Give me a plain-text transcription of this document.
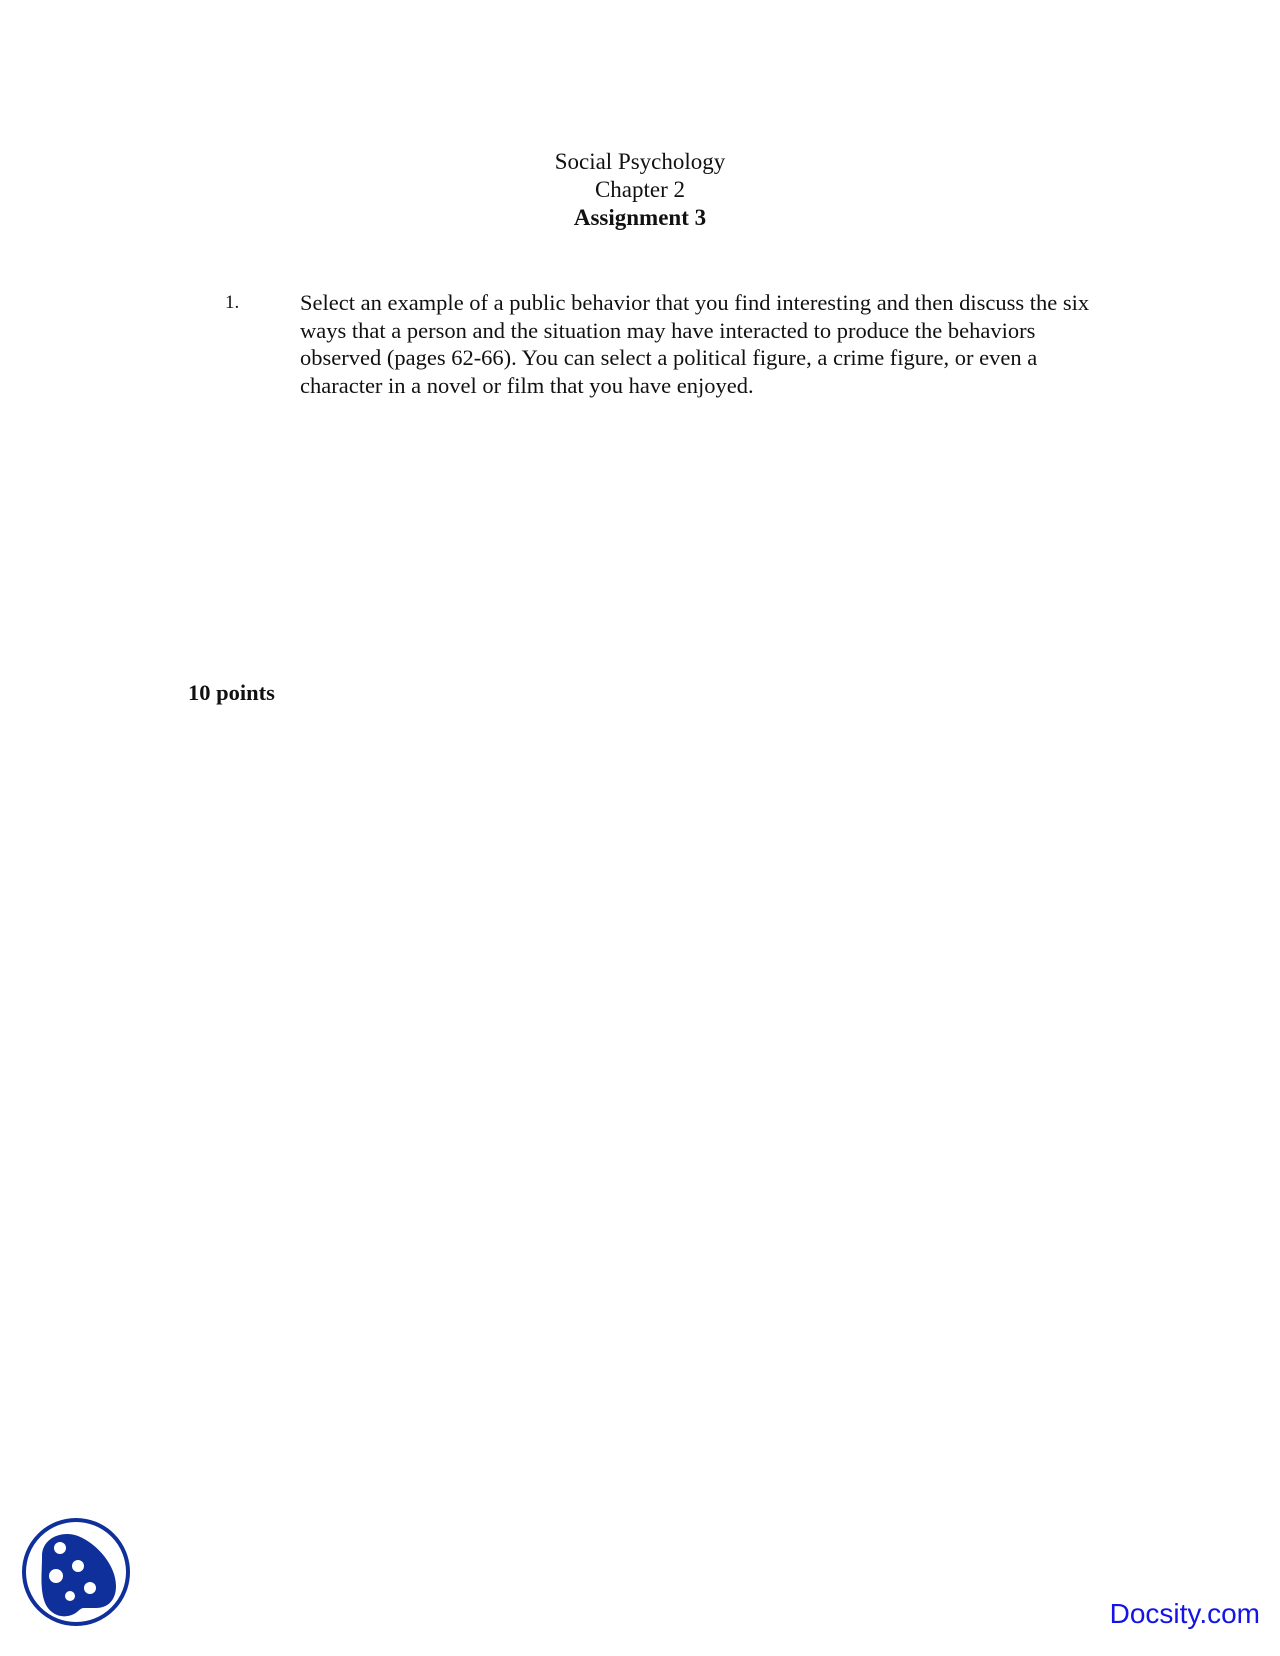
Social Psychology
Chapter 2
Assignment 3
1.	Select an example of a public behavior that you find interesting and then discuss the six ways that a person and the situation may have interacted to produce the behaviors observed (pages 62-66). You can select a political figure, a crime figure, or even a character in a novel or film that you have enjoyed.
10 points
Docsity.com
